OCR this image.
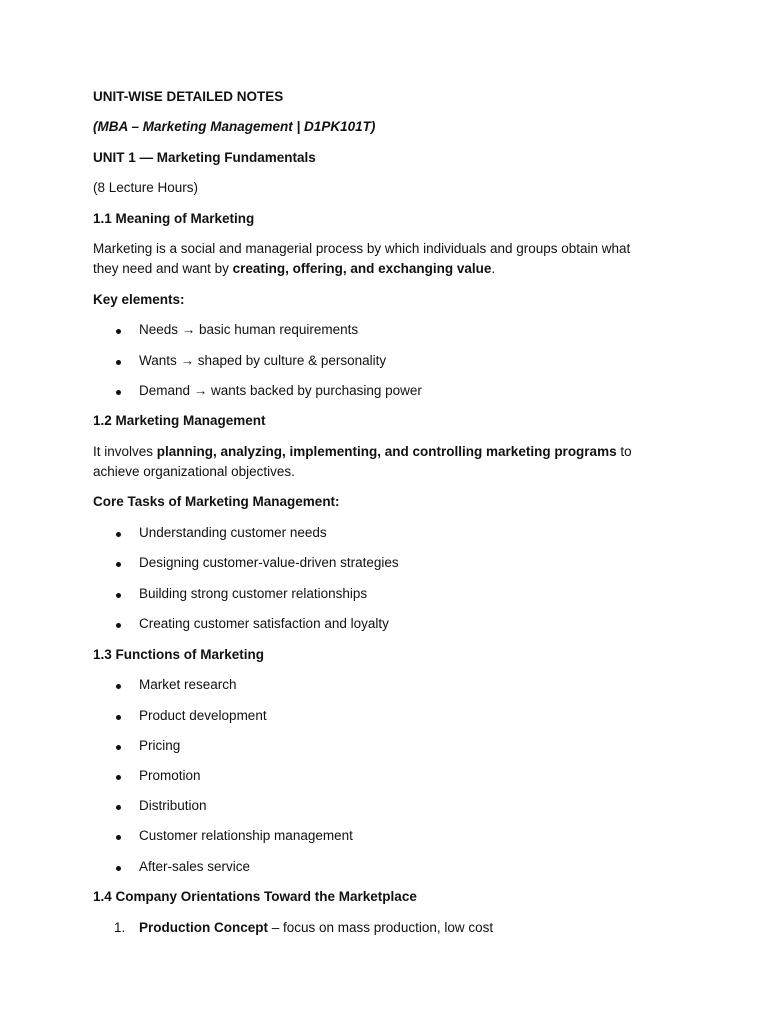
UNIT-WISE DETAILED NOTES
(MBA – Marketing Management | D1PK101T)
UNIT 1 — Marketing Fundamentals
(8 Lecture Hours)
1.1 Meaning of Marketing
Marketing is a social and managerial process by which individuals and groups obtain what
they need and want by creating, offering, and exchanging value.
Key elements:
Needs → basic human requirements
Wants → shaped by culture & personality
Demand → wants backed by purchasing power
1.2 Marketing Management
It involves planning, analyzing, implementing, and controlling marketing programs to
achieve organizational objectives.
Core Tasks of Marketing Management:
Understanding customer needs
Designing customer-value-driven strategies
Building strong customer relationships
Creating customer satisfaction and loyalty
1.3 Functions of Marketing
Market research
Product development
Pricing
Promotion
Distribution
Customer relationship management
After-sales service
1.4 Company Orientations Toward the Marketplace
1. Production Concept – focus on mass production, low cost
